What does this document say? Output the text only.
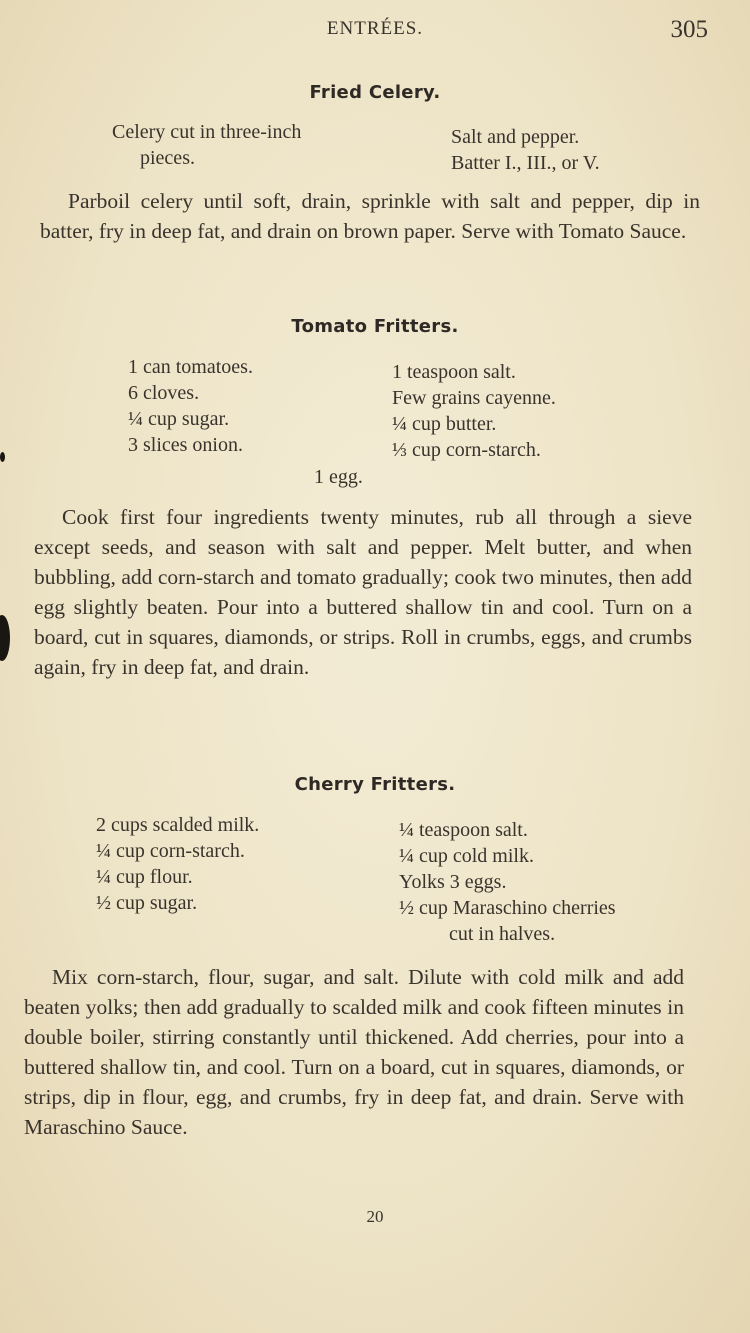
ENTRÉES.	305
Fried Celery.
Celery cut in three-inch
pieces.
Salt and pepper.
Batter I., III., or V.

Parboil celery until soft, drain, sprinkle with salt and pepper, dip in batter, fry in deep fat, and drain on brown paper. Serve with Tomato Sauce.

Tomato Fritters.
1 can tomatoes.
6 cloves.
¼ cup sugar.
3 slices onion.
1 teaspoon salt.
Few grains cayenne.
¼ cup butter.
⅓ cup corn-starch.
1 egg.

Cook first four ingredients twenty minutes, rub all through a sieve except seeds, and season with salt and pepper. Melt butter, and when bubbling, add corn-starch and tomato gradually; cook two minutes, then add egg slightly beaten. Pour into a buttered shallow tin and cool. Turn on a board, cut in squares, diamonds, or strips. Roll in crumbs, eggs, and crumbs again, fry in deep fat, and drain.

Cherry Fritters.
2 cups scalded milk.
¼ cup corn-starch.
¼ cup flour.
½ cup sugar.
¼ teaspoon salt.
¼ cup cold milk.
Yolks 3 eggs.
½ cup Maraschino cherries
cut in halves.

Mix corn-starch, flour, sugar, and salt. Dilute with cold milk and add beaten yolks; then add gradually to scalded milk and cook fifteen minutes in double boiler, stirring constantly until thickened. Add cherries, pour into a buttered shallow tin, and cool. Turn on a board, cut in squares, diamonds, or strips, dip in flour, egg, and crumbs, fry in deep fat, and drain. Serve with Maraschino Sauce.

20
